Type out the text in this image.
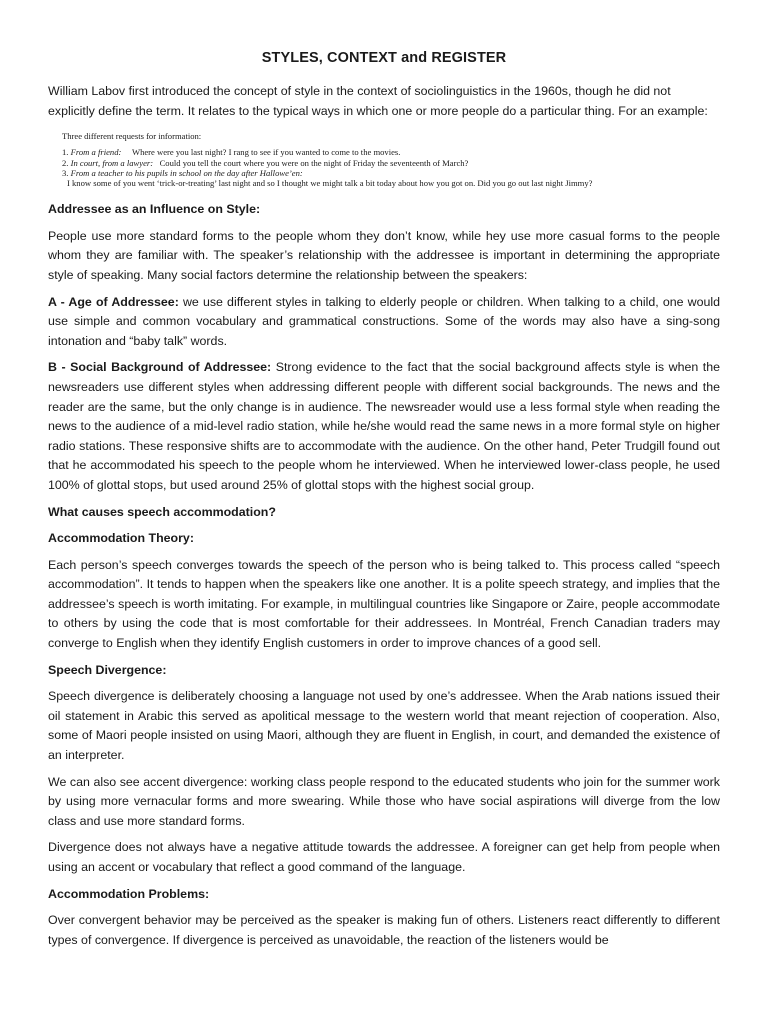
STYLES, CONTEXT and REGISTER

William Labov first introduced the concept of style in the context of sociolinguistics in the 1960s, though he did not explicitly define the term. It relates to the typical ways in which one or more people do a particular thing. For an example:

Three different requests for information:
1. From a friend: Where were you last night? I rang to see if you wanted to come to the movies.
2. In court, from a lawyer: Could you tell the court where you were on the night of Friday the seventeenth of March?
3. From a teacher to his pupils in school on the day after Hallowe’en:
I know some of you went ‘trick-or-treating’ last night and so I thought we might talk a bit today about how you got on. Did you go out last night Jimmy?
Addressee as an Influence on Style:

People use more standard forms to the people whom they don’t know, while hey use more casual forms to the people whom they are familiar with. The speaker’s relationship with the addressee is important in determining the appropriate style of speaking. Many social factors determine the relationship between the speakers:

A - Age of Addressee: we use different styles in talking to elderly people or children. When talking to a child, one would use simple and common vocabulary and grammatical constructions. Some of the words may also have a sing-song intonation and “baby talk” words.

B - Social Background of Addressee: Strong evidence to the fact that the social background affects style is when the newsreaders use different styles when addressing different people with different social backgrounds. The news and the reader are the same, but the only change is in audience. The newsreader would use a less formal style when reading the news to the audience of a mid-level radio station, while he/she would read the same news in a more formal style on higher radio stations. These responsive shifts are to accommodate with the audience. On the other hand, Peter Trudgill found out that he accommodated his speech to the people whom he interviewed. When he interviewed lower-class people, he used 100% of glottal stops, but used around 25% of glottal stops with the highest social group.

What causes speech accommodation?
Accommodation Theory:

Each person’s speech converges towards the speech of the person who is being talked to. This process called “speech accommodation”. It tends to happen when the speakers like one another. It is a polite speech strategy, and implies that the addressee’s speech is worth imitating. For example, in multilingual countries like Singapore or Zaire, people accommodate to others by using the code that is most comfortable for their addressees. In Montréal, French Canadian traders may converge to English when they identify English customers in order to improve chances of a good sell.

Speech Divergence:

Speech divergence is deliberately choosing a language not used by one’s addressee. When the Arab nations issued their oil statement in Arabic this served as apolitical message to the western world that meant rejection of cooperation. Also, some of Maori people insisted on using Maori, although they are fluent in English, in court, and demanded the existence of an interpreter.

We can also see accent divergence: working class people respond to the educated students who join for the summer work by using more vernacular forms and more swearing. While those who have social aspirations will diverge from the low class and use more standard forms.

Divergence does not always have a negative attitude towards the addressee. A foreigner can get help from people when using an accent or vocabulary that reflect a good command of the language.

Accommodation Problems:

Over convergent behavior may be perceived as the speaker is making fun of others. Listeners react differently to different types of convergence. If divergence is perceived as unavoidable, the reaction of the listeners would be
